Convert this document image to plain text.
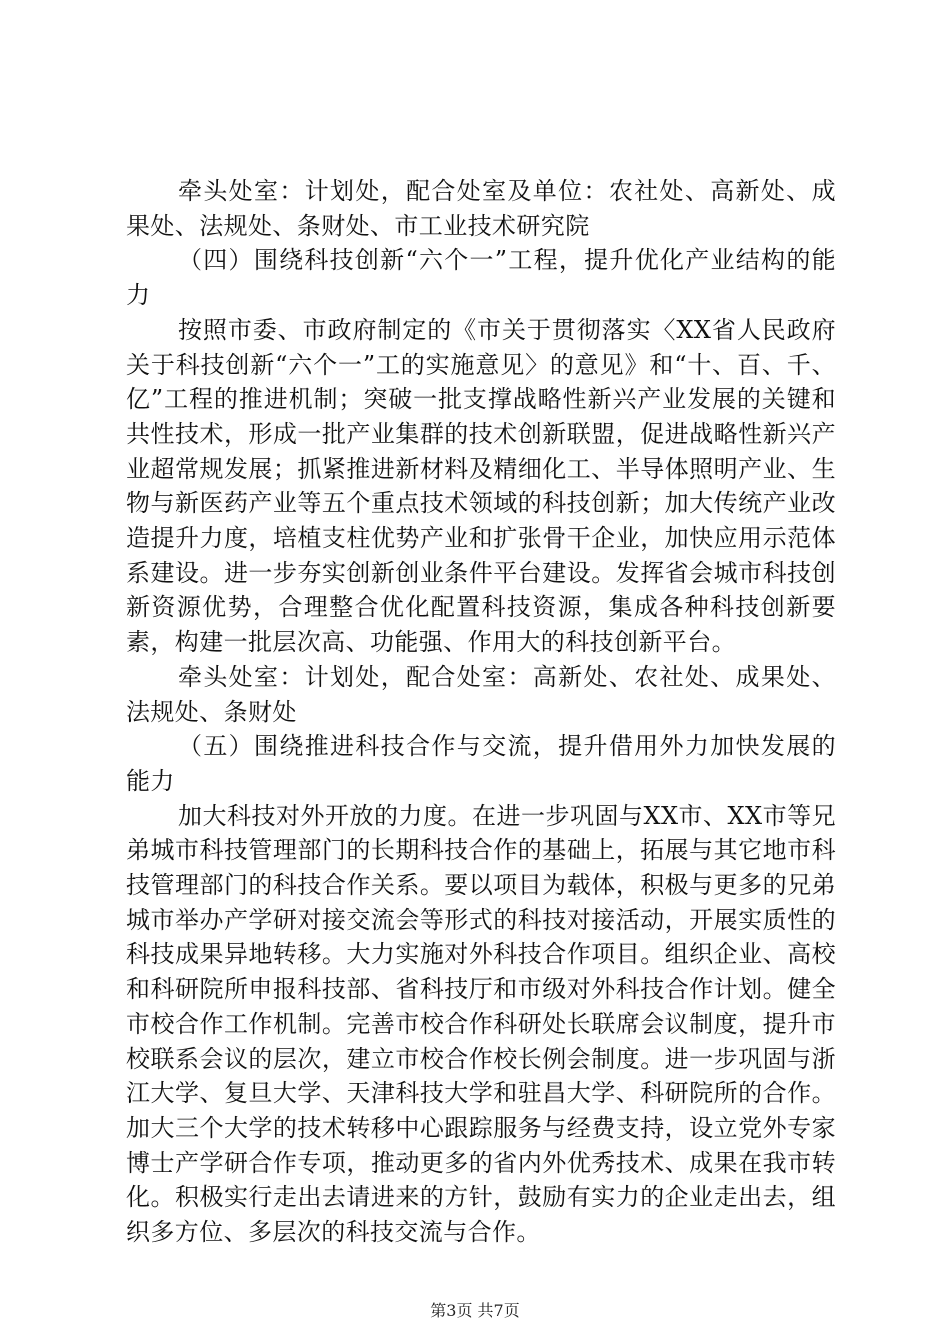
牵头处室：计划处，配合处室及单位：农社处、高新处、成果处、法规处、条财处、市工业技术研究院

（四）围绕科技创新“六个一”工程，提升优化产业结构的能力

按照市委、市政府制定的《市关于贯彻落实〈XX省人民政府关于科技创新“六个一”工的实施意见〉的意见》和“十、百、千、亿”工程的推进机制；突破一批支撑战略性新兴产业发展的关键和共性技术，形成一批产业集群的技术创新联盟，促进战略性新兴产业超常规发展；抓紧推进新材料及精细化工、半导体照明产业、生物与新医药产业等五个重点技术领域的科技创新；加大传统产业改造提升力度，培植支柱优势产业和扩张骨干企业，加快应用示范体系建设。进一步夯实创新创业条件平台建设。发挥省会城市科技创新资源优势，合理整合优化配置科技资源，集成各种科技创新要素，构建一批层次高、功能强、作用大的科技创新平台。

牵头处室：计划处，配合处室：高新处、农社处、成果处、法规处、条财处

（五）围绕推进科技合作与交流，提升借用外力加快发展的能力

加大科技对外开放的力度。在进一步巩固与XX市、XX市等兄弟城市科技管理部门的长期科技合作的基础上，拓展与其它地市科技管理部门的科技合作关系。要以项目为载体，积极与更多的兄弟城市举办产学研对接交流会等形式的科技对接活动，开展实质性的科技成果异地转移。大力实施对外科技合作项目。组织企业、高校和科研院所申报科技部、省科技厅和市级对外科技合作计划。健全市校合作工作机制。完善市校合作科研处长联席会议制度，提升市校联系会议的层次，建立市校合作校长例会制度。进一步巩固与浙江大学、复旦大学、天津科技大学和驻昌大学、科研院所的合作。加大三个大学的技术转移中心跟踪服务与经费支持，设立党外专家博士产学研合作专项，推动更多的省内外优秀技术、成果在我市转化。积极实行走出去请进来的方针，鼓励有实力的企业走出去，组织多方位、多层次的科技交流与合作。

第3页 共7页
